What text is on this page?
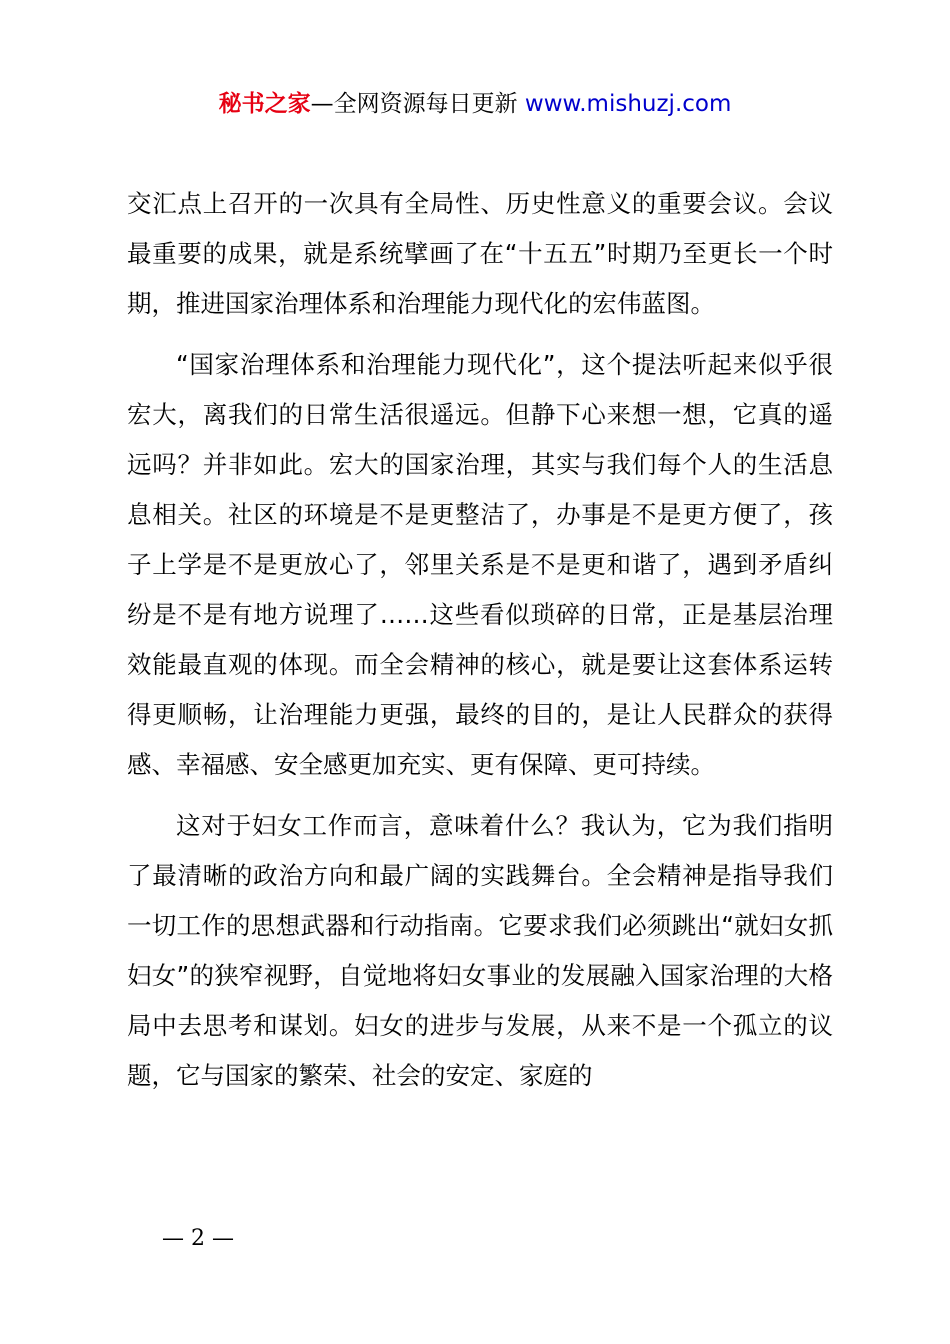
秘书之家—全网资源每日更新 www.mishuzj.com

交汇点上召开的一次具有全局性、历史性意义的重要会议。会议最重要的成果，就是系统擘画了在“十五五”时期乃至更长一个时期，推进国家治理体系和治理能力现代化的宏伟蓝图。

“国家治理体系和治理能力现代化”，这个提法听起来似乎很宏大，离我们的日常生活很遥远。但静下心来想一想，它真的遥远吗？并非如此。宏大的国家治理，其实与我们每个人的生活息息相关。社区的环境是不是更整洁了，办事是不是更方便了，孩子上学是不是更放心了，邻里关系是不是更和谐了，遇到矛盾纠纷是不是有地方说理了……这些看似琐碎的日常，正是基层治理效能最直观的体现。而全会精神的核心，就是要让这套体系运转得更顺畅，让治理能力更强，最终的目的，是让人民群众的获得感、幸福感、安全感更加充实、更有保障、更可持续。

这对于妇女工作而言，意味着什么？我认为，它为我们指明了最清晰的政治方向和最广阔的实践舞台。全会精神是指导我们一切工作的思想武器和行动指南。它要求我们必须跳出“就妇女抓妇女”的狭窄视野，自觉地将妇女事业的发展融入国家治理的大格局中去思考和谋划。妇女的进步与发展，从来不是一个孤立的议题，它与国家的繁荣、社会的安定、家庭的

— 2 —
